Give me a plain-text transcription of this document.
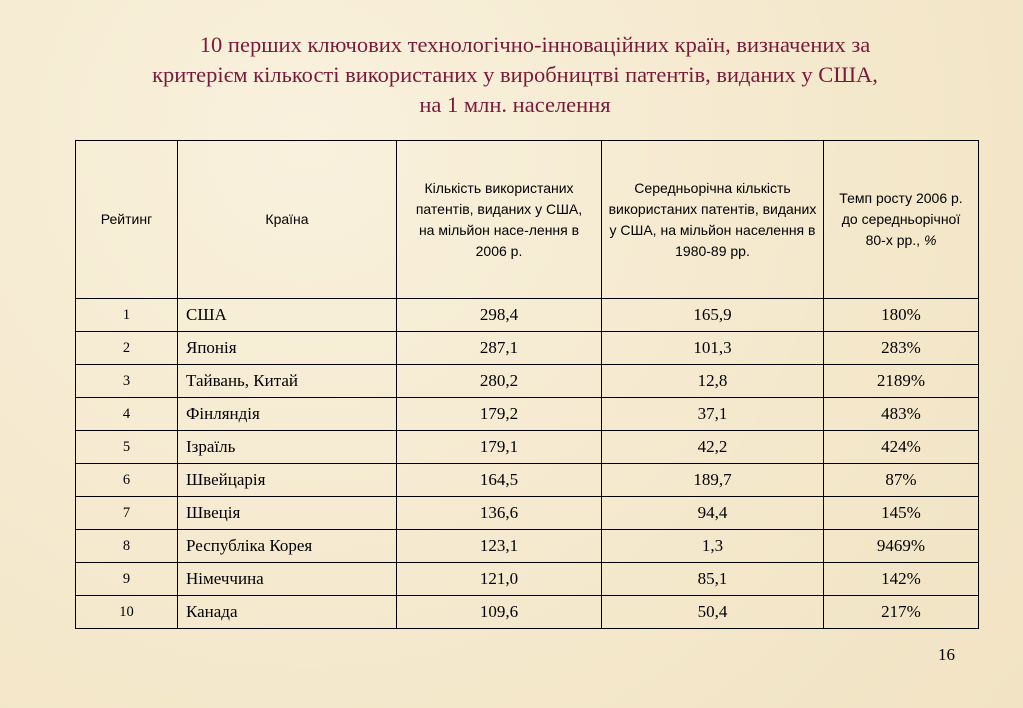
10 перших ключових технологічно-інноваційних країн, визначених за
критерієм кількості використаних у виробництві патентів, виданих у США,
на 1 млн. населення
Рейтинг	Країна	Кількість використаних патентів, виданих у США, на мільйон насе-лення в 2006 р.	Середньорічна кількість використаних патентів, виданих у США, на мільйон населення в 1980-89 рр.	Темп росту 2006 р. до середньорічної 80-х рр., %

1	США	298,4	165,9	180%
2	Японія	287,1	101,3	283%
3	Тайвань, Китай	280,2	12,8	2189%
4	Фінляндія	179,2	37,1	483%
5	Ізраїль	179,1	42,2	424%
6	Швейцарія	164,5	189,7	87%
7	Швеція	136,6	94,4	145%
8	Республіка Корея	123,1	1,3	9469%
9	Німеччина	121,0	85,1	142%
10	Канада	109,6	50,4	217%
16
